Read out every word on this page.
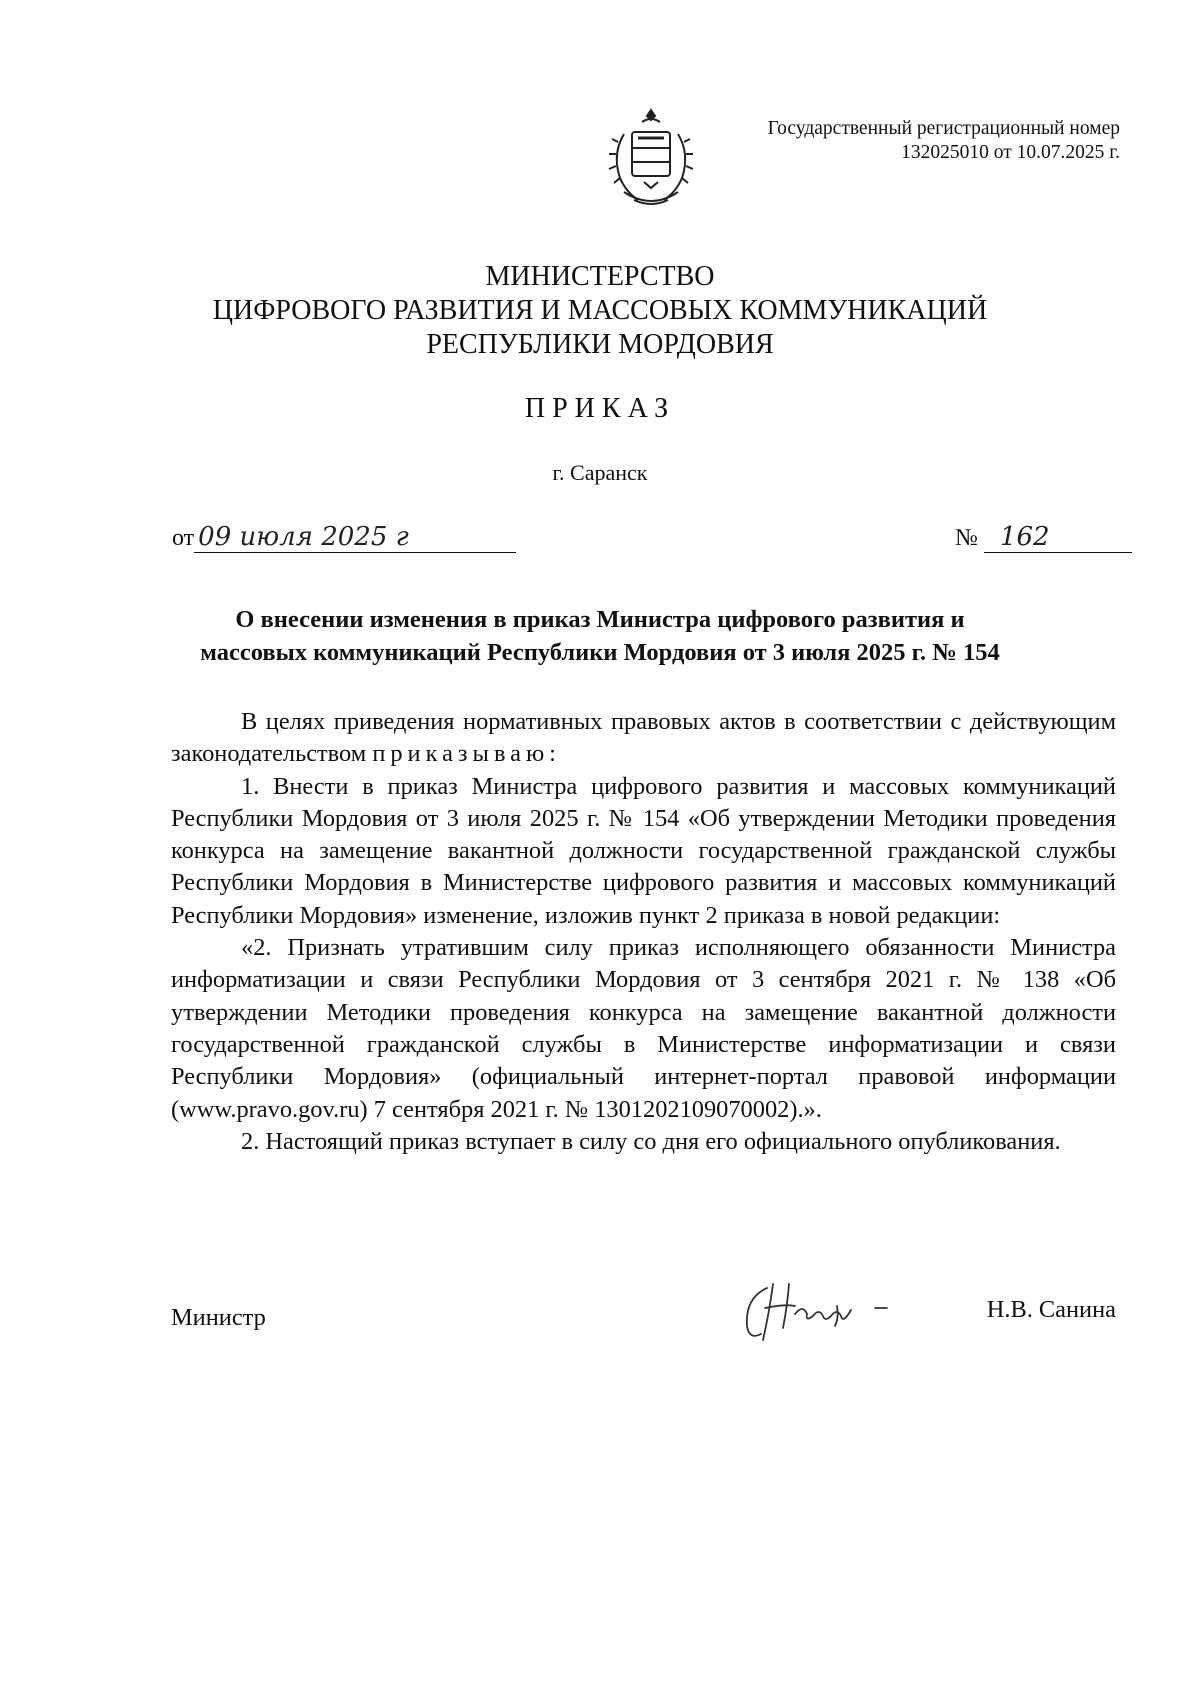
Государственный регистрационный номер
132025010 от 10.07.2025 г.
МИНИСТЕРСТВО
ЦИФРОВОГО РАЗВИТИЯ И МАССОВЫХ КОММУНИКАЦИЙ
РЕСПУБЛИКИ МОРДОВИЯ
ПРИКАЗ
г. Саранск
от 09 июля 2025 г	№ 162
О внесении изменения в приказ Министра цифрового развития и
массовых коммуникаций Республики Мордовия от 3 июля 2025 г. № 154

В целях приведения нормативных правовых актов в соответствии с действующим законодательством приказываю:

1. Внести в приказ Министра цифрового развития и массовых коммуникаций Республики Мордовия от 3 июля 2025 г. № 154 «Об утверждении Методики проведения конкурса на замещение вакантной должности государственной гражданской службы Республики Мордовия в Министерстве цифрового развития и массовых коммуникаций Республики Мордовия» изменение, изложив пункт 2 приказа в новой редакции:

«2. Признать утратившим силу приказ исполняющего обязанности Министра информатизации и связи Республики Мордовия от 3 сентября 2021 г. № 138 «Об утверждении Методики проведения конкурса на замещение вакантной должности государственной гражданской службы в Министерстве информатизации и связи Республики Мордовия» (официальный интернет-портал правовой информации (www.pravo.gov.ru) 7 сентября 2021 г. № 1301202109070002).».

2. Настоящий приказ вступает в силу со дня его официального опубликования.

Министр	Н.В. Санина
